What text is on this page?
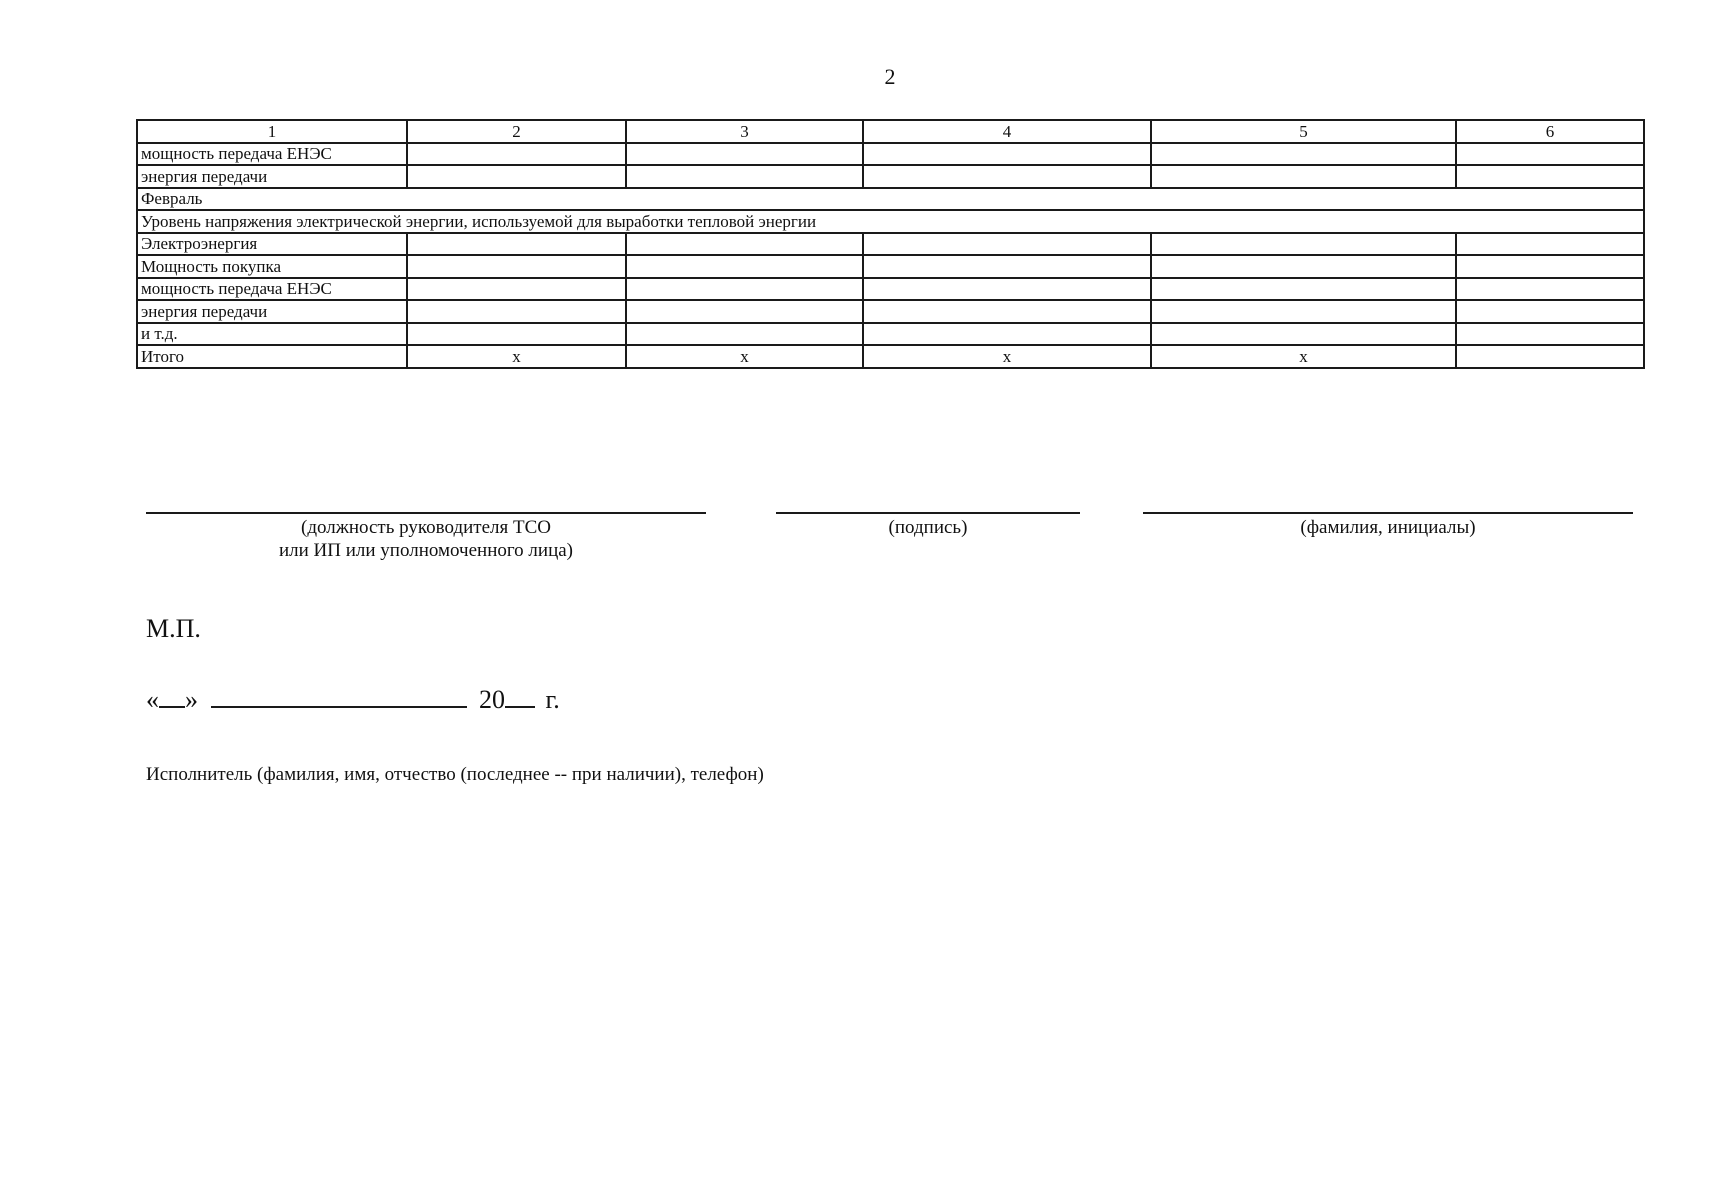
2
1	2	3	4	5	6
мощность передача ЕНЭС					
энергия передачи					
Февраль					
Уровень напряжения электрической энергии, используемой для выработки тепловой энергии					
Электроэнергия					
Мощность покупка					
мощность передача ЕНЭС					
энергия передачи					
и т.д.					
Итого	x	x	x	x	
(должность руководителя ТСО
или ИП или уполномоченного лица)
(подпись)	(фамилия, инициалы)
М.П.
« »	20 г.
Исполнитель (фамилия, имя, отчество (последнее -- при наличии), телефон)
